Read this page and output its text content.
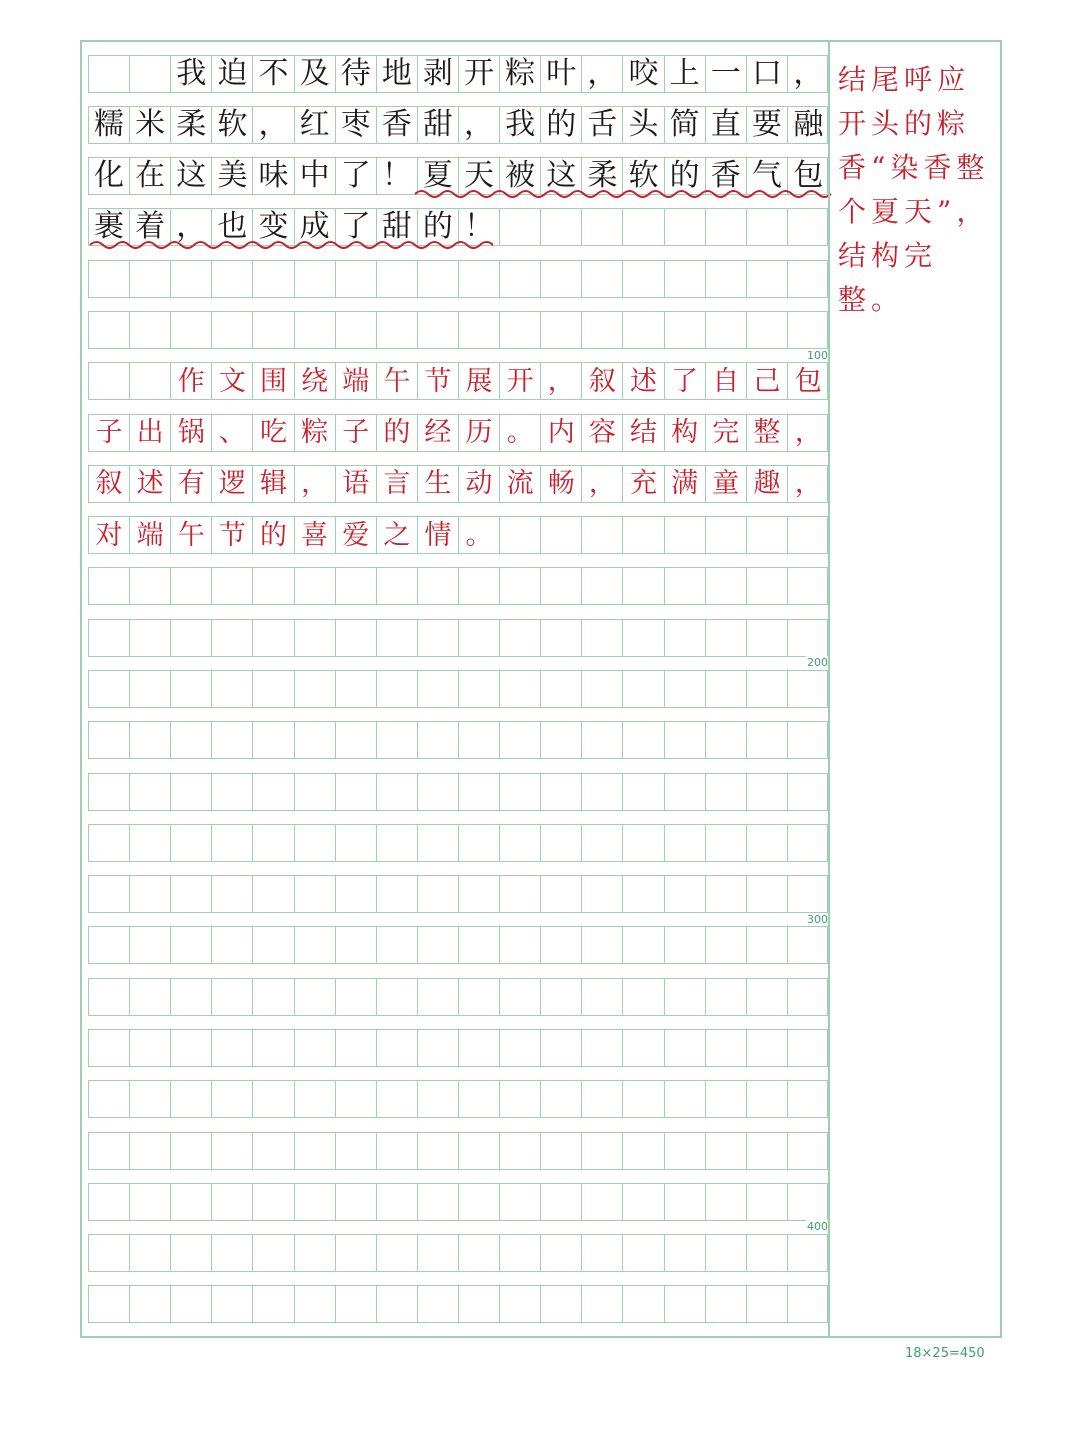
我 迫 不 及 待 地 剥 开 粽 叶 ， 咬 上 一 口 ，
糯 米 柔 软 ， 红 枣 香 甜 ， 我 的 舌 头 简 直 要 融
化 在 这 美 味 中 了 ！ 夏 天 被 这 柔 软 的 香 气 包
裹 着 ， 也 变 成 了 甜 的 ！
作 文 围 绕 端 午 节 展 开 ， 叙 述 了 自 己 包
子 出 锅 、 吃 粽 子 的 经 历 。 内 容 结 构 完 整 ，
叙 述 有 逻 辑 ， 语 言 生 动 流 畅 ， 充 满 童 趣 ，
对 端 午 节 的 喜 爱 之 情 。
100
200
300
400
结尾呼应开头的粽香“染香整个夏天”，结构完整。
18×25=450
